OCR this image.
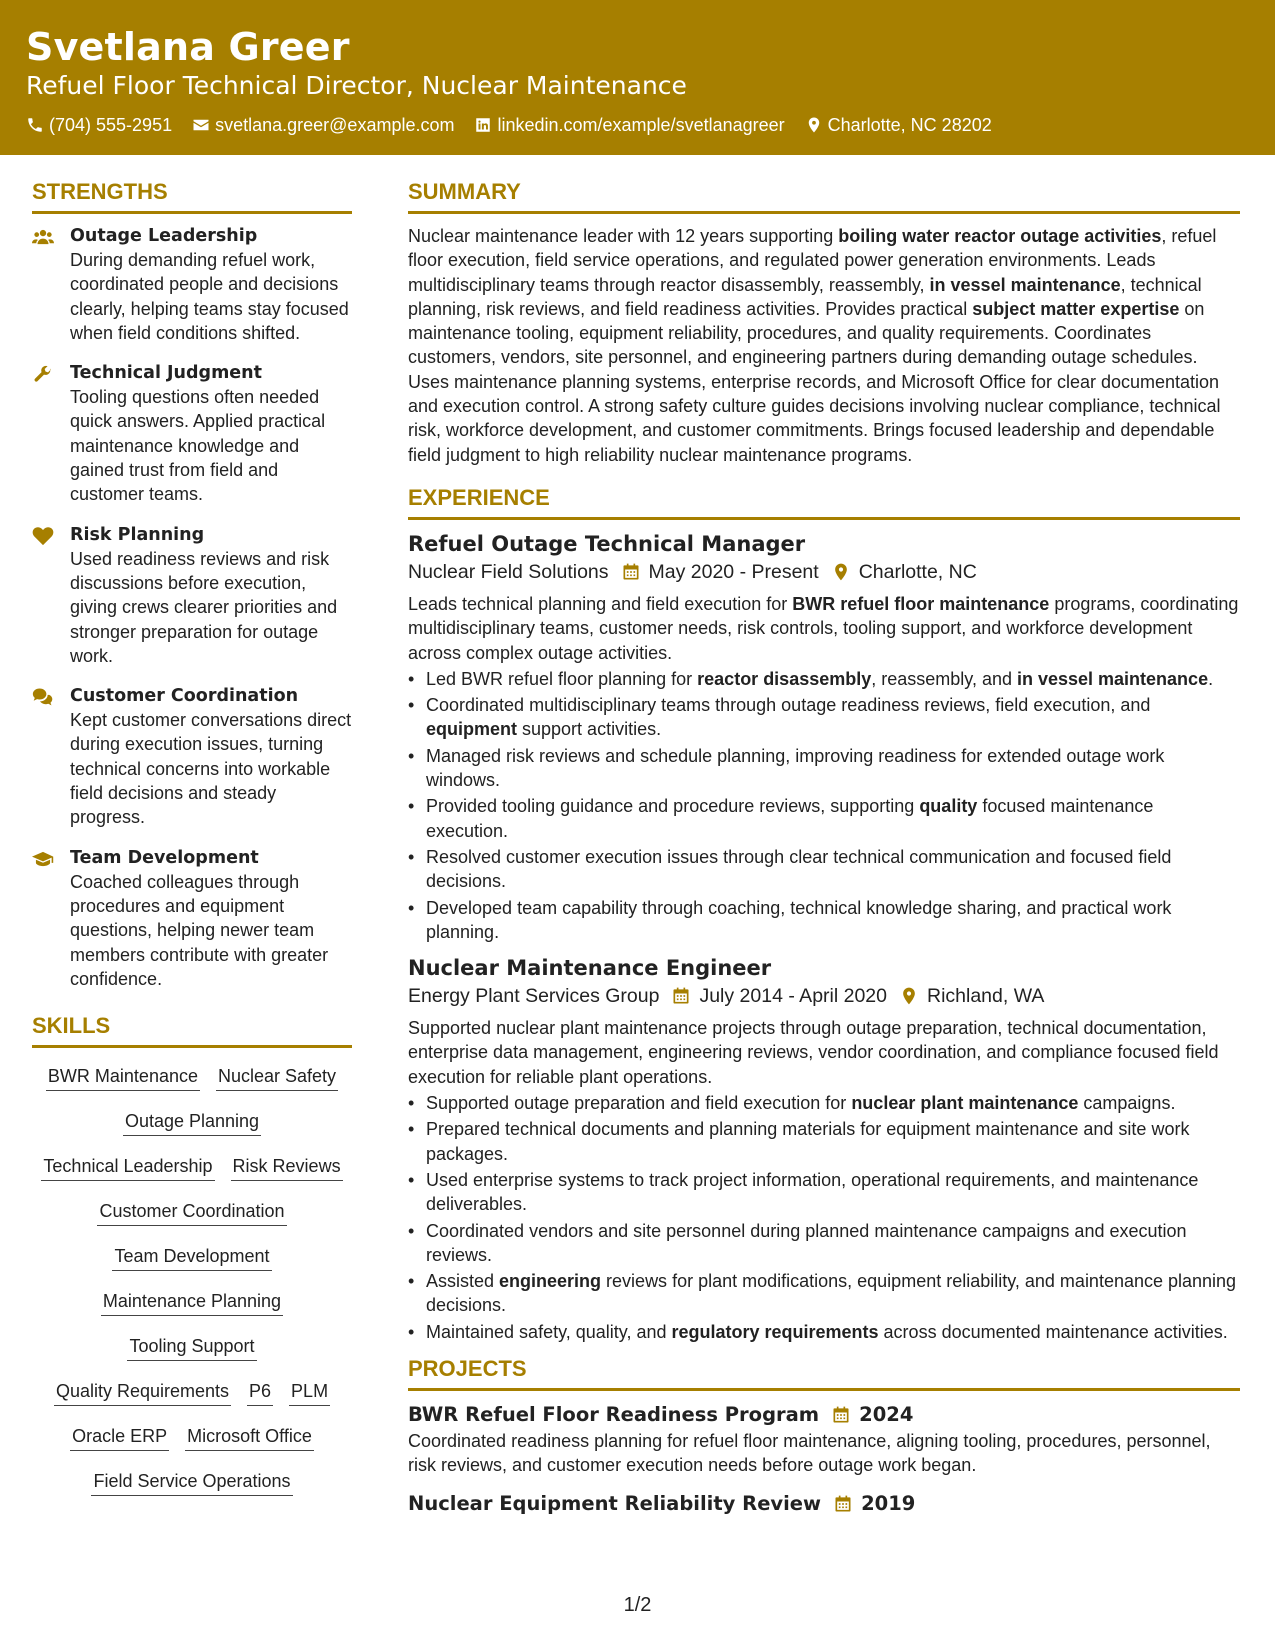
Svetlana Greer
Refuel Floor Technical Director, Nuclear Maintenance
(704) 555-2951 svetlana.greer@example.com linkedin.com/example/svetlanagreer Charlotte, NC 28202
STRENGTHS
Outage Leadership
During demanding refuel work, coordinated people and decisions clearly, helping teams stay focused when field conditions shifted.
Technical Judgment
Tooling questions often needed quick answers. Applied practical maintenance knowledge and gained trust from field and customer teams.
Risk Planning
Used readiness reviews and risk discussions before execution, giving crews clearer priorities and stronger preparation for outage work.
Customer Coordination
Kept customer conversations direct during execution issues, turning technical concerns into workable field decisions and steady progress.
Team Development
Coached colleagues through procedures and equipment questions, helping newer team members contribute with greater confidence.
SKILLS
BWR Maintenance Nuclear Safety
Outage Planning
Technical Leadership Risk Reviews
Customer Coordination
Team Development
Maintenance Planning
Tooling Support
Quality Requirements P6 PLM
Oracle ERP Microsoft Office
Field Service Operations
SUMMARY
Nuclear maintenance leader with 12 years supporting boiling water reactor outage activities, refuel floor execution, field service operations, and regulated power generation environments. Leads multidisciplinary teams through reactor disassembly, reassembly, in vessel maintenance, technical planning, risk reviews, and field readiness activities. Provides practical subject matter expertise on maintenance tooling, equipment reliability, procedures, and quality requirements. Coordinates customers, vendors, site personnel, and engineering partners during demanding outage schedules. Uses maintenance planning systems, enterprise records, and Microsoft Office for clear documentation and execution control. A strong safety culture guides decisions involving nuclear compliance, technical risk, workforce development, and customer commitments. Brings focused leadership and dependable field judgment to high reliability nuclear maintenance programs.
EXPERIENCE
Refuel Outage Technical Manager
Nuclear Field Solutions May 2020 - Present Charlotte, NC
Leads technical planning and field execution for BWR refuel floor maintenance programs, coordinating multidisciplinary teams, customer needs, risk controls, tooling support, and workforce development across complex outage activities.
• Led BWR refuel floor planning for reactor disassembly, reassembly, and in vessel maintenance.
• Coordinated multidisciplinary teams through outage readiness reviews, field execution, and equipment support activities.
• Managed risk reviews and schedule planning, improving readiness for extended outage work windows.
• Provided tooling guidance and procedure reviews, supporting quality focused maintenance execution.
• Resolved customer execution issues through clear technical communication and focused field decisions.
• Developed team capability through coaching, technical knowledge sharing, and practical work planning.
Nuclear Maintenance Engineer
Energy Plant Services Group July 2014 - April 2020 Richland, WA
Supported nuclear plant maintenance projects through outage preparation, technical documentation, enterprise data management, engineering reviews, vendor coordination, and compliance focused field execution for reliable plant operations.
• Supported outage preparation and field execution for nuclear plant maintenance campaigns.
• Prepared technical documents and planning materials for equipment maintenance and site work packages.
• Used enterprise systems to track project information, operational requirements, and maintenance deliverables.
• Coordinated vendors and site personnel during planned maintenance campaigns and execution reviews.
• Assisted engineering reviews for plant modifications, equipment reliability, and maintenance planning decisions.
• Maintained safety, quality, and regulatory requirements across documented maintenance activities.
PROJECTS
BWR Refuel Floor Readiness Program 2024
Coordinated readiness planning for refuel floor maintenance, aligning tooling, procedures, personnel, risk reviews, and customer execution needs before outage work began.
Nuclear Equipment Reliability Review 2019
1/2
